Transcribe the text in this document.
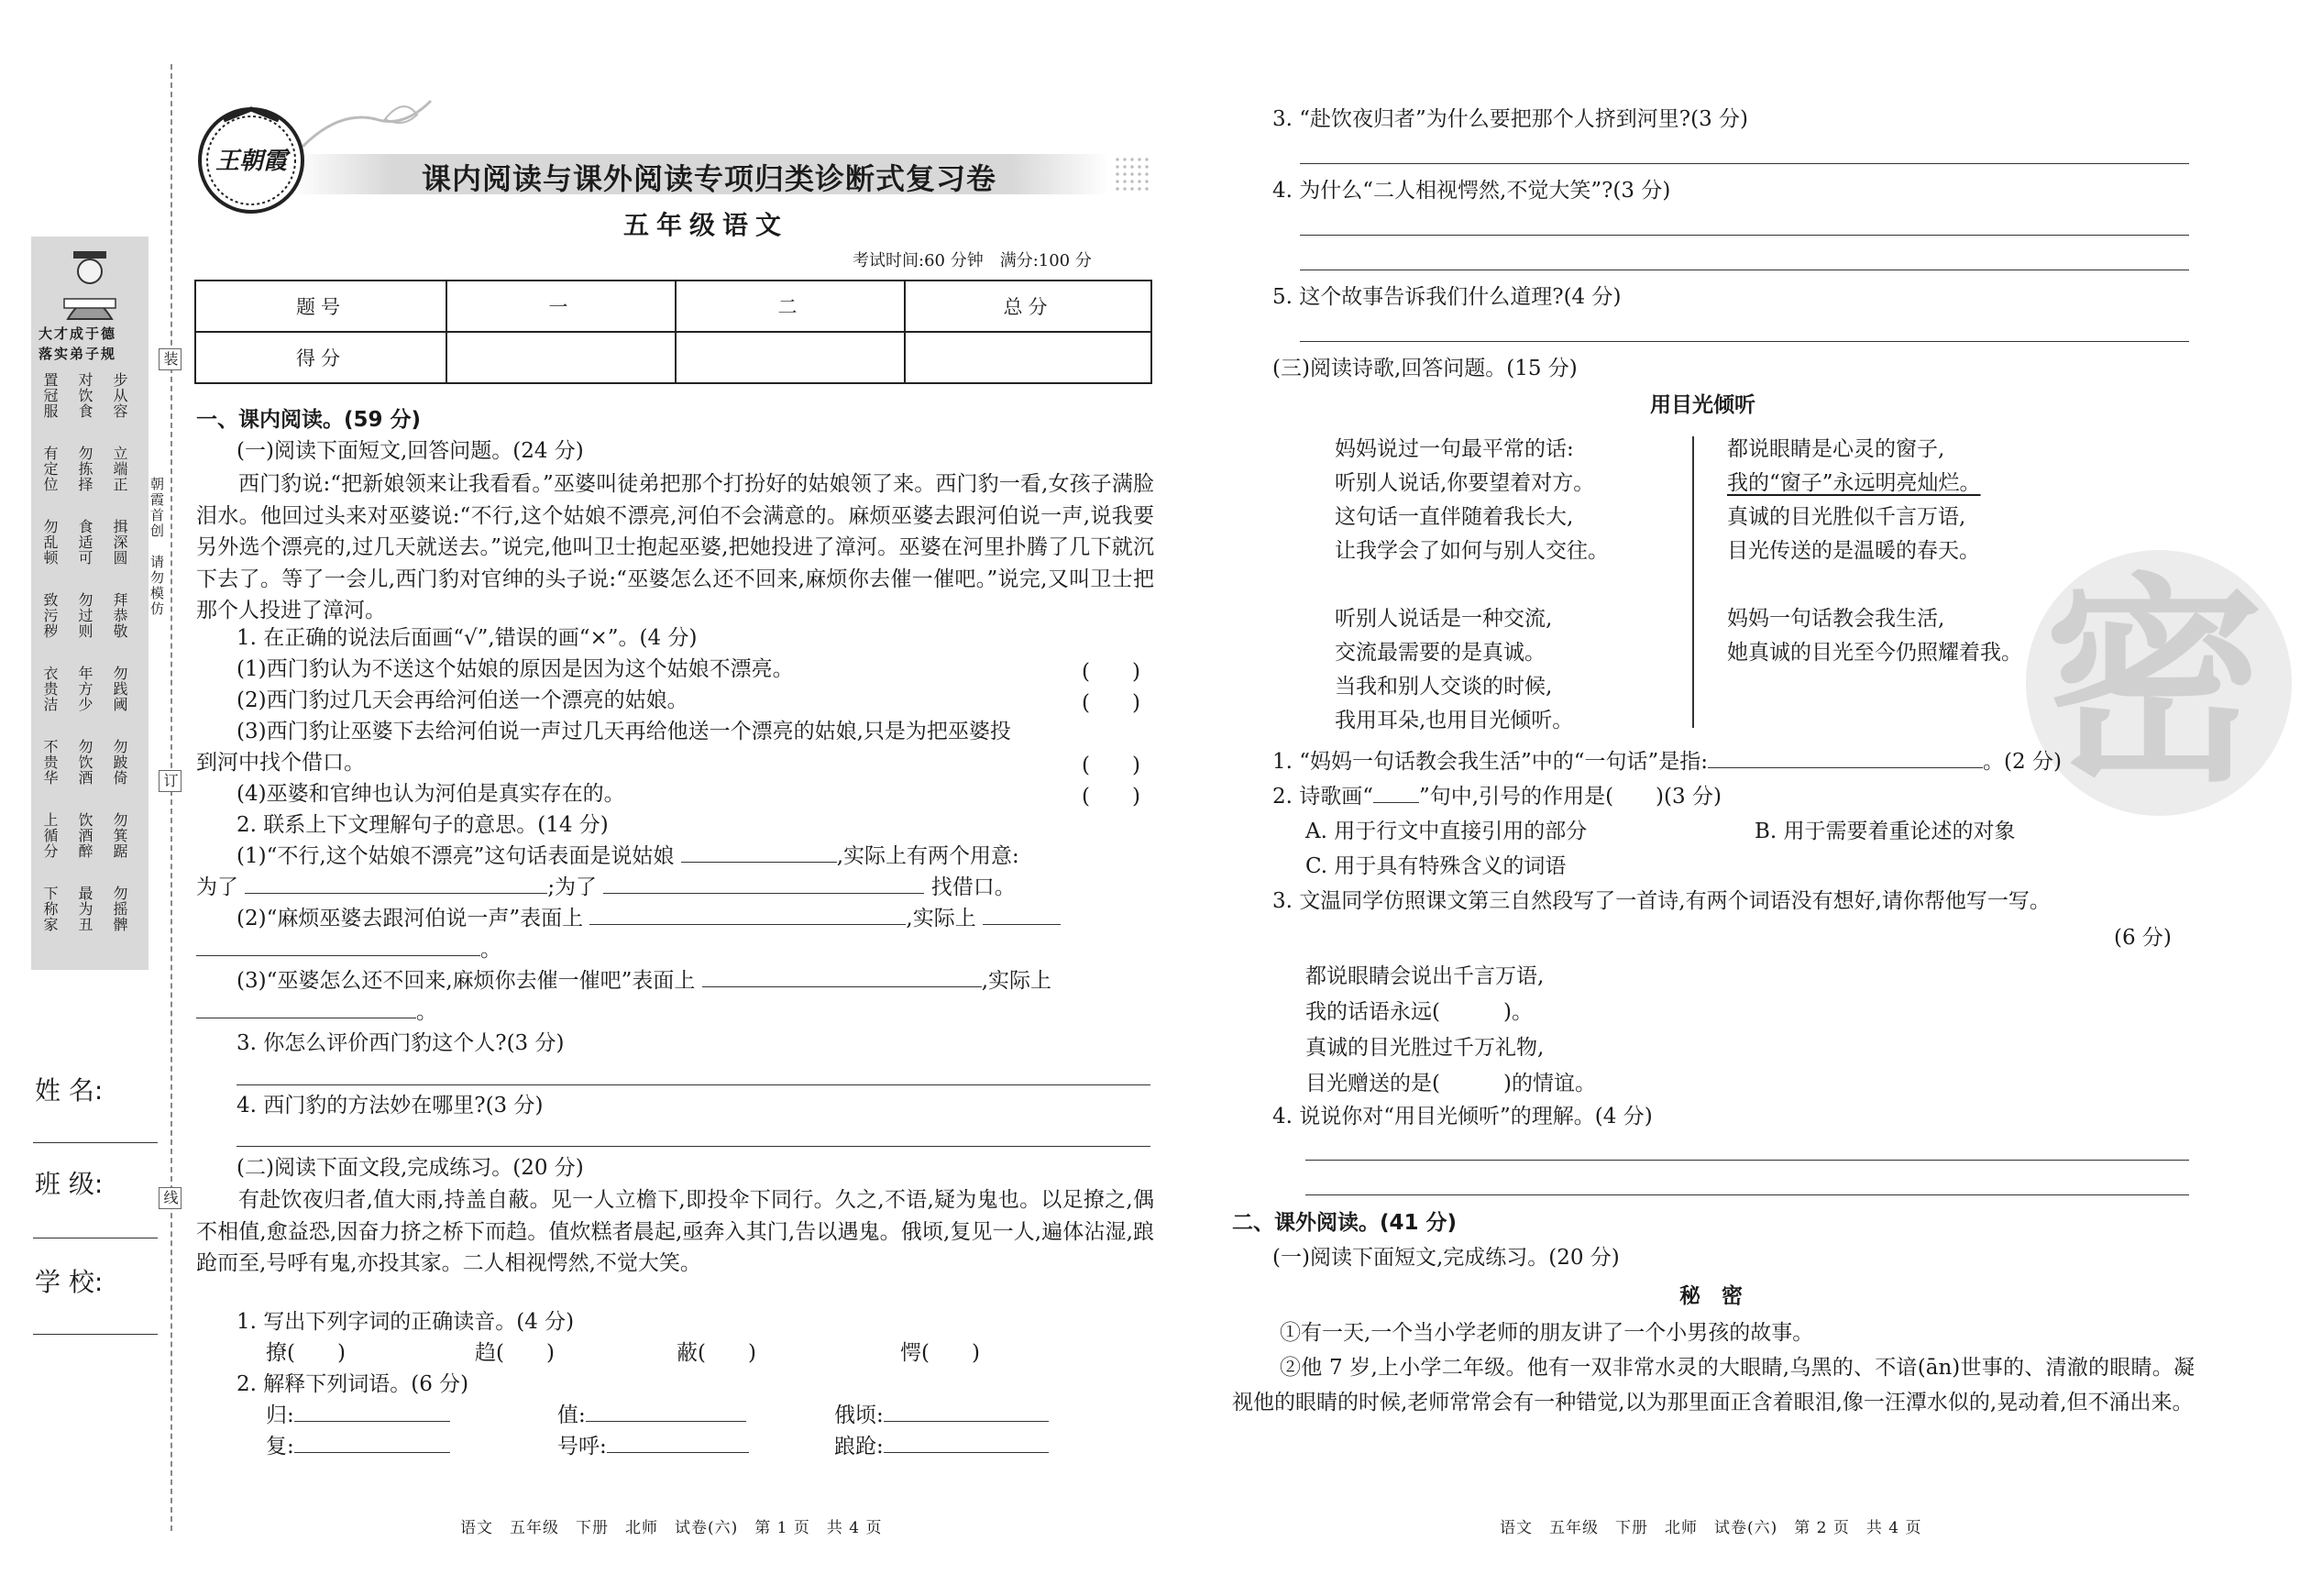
装
订
线
朝霞首创　请勿模仿
大才成于德
落实弟子规
步从容
对饮食
置冠服
立端正
勿拣择
有定位
揖深圆
食适可
勿乱顿
拜恭敬
勿过则
致污秽
勿践阈
年方少
衣贵洁
勿跛倚
勿饮酒
不贵华
勿箕踞
饮酒醉
上循分
勿摇髀
最为丑
下称家
姓 名:
班 级:
学 校:
王朝霞	课内阅读与课外阅读专项归类诊断式复习卷
五年级语文
考试时间:60 分钟　满分:100 分
题号	一	二	总分
得分			
一、课内阅读。(59 分)
(一)阅读下面短文,回答问题。(24 分)
西门豹说:“把新娘领来让我看看。”巫婆叫徒弟把那个打扮好的姑娘领了来。西门豹一看,女孩子满脸泪水。他回过头来对巫婆说:“不行,这个姑娘不漂亮,河伯不会满意的。麻烦巫婆去跟河伯说一声,说我要另外选个漂亮的,过几天就送去。”说完,他叫卫士抱起巫婆,把她投进了漳河。巫婆在河里扑腾了几下就沉下去了。等了一会儿,西门豹对官绅的头子说:“巫婆怎么还不回来,麻烦你去催一催吧。”说完,又叫卫士把那个人投进了漳河。
1. 在正确的说法后面画“√”,错误的画“×”。(4 分)
(1)西门豹认为不送这个姑娘的原因是因为这个姑娘不漂亮。	(　　)
(2)西门豹过几天会再给河伯送一个漂亮的姑娘。	(　　)
(3)西门豹让巫婆下去给河伯说一声过几天再给他送一个漂亮的姑娘,只是为把巫婆投
到河中找个借口。	(　　)
(4)巫婆和官绅也认为河伯是真实存在的。	(　　)
2. 联系上下文理解句子的意思。(14 分)
(1)“不行,这个姑娘不漂亮”这句话表面是说姑娘	,实际上有两个用意:
为了	;为了	找借口。
(2)“麻烦巫婆去跟河伯说一声”表面上	,实际上
。
(3)“巫婆怎么还不回来,麻烦你去催一催吧”表面上	,实际上
。
3. 你怎么评价西门豹这个人?(3 分)
4. 西门豹的方法妙在哪里?(3 分)
(二)阅读下面文段,完成练习。(20 分)
有赴饮夜归者,值大雨,持盖自蔽。见一人立檐下,即投伞下同行。久之,不语,疑为鬼也。以足撩之,偶不相值,愈益恐,因奋力挤之桥下而趋。值炊糕者晨起,亟奔入其门,告以遇鬼。俄顷,复见一人,遍体沾湿,踉跄而至,号呼有鬼,亦投其家。二人相视愕然,不觉大笑。
1. 写出下列字词的正确读音。(4 分)
撩(　　)	趋(　　)	蔽(　　)	愕(　　)
2. 解释下列词语。(6 分)
归:	值:	俄顷:
复:	号呼:	踉跄:
语文　五年级　下册　北师　试卷(六)　第 1 页　共 4 页
密
3. “赴饮夜归者”为什么要把那个人挤到河里?(3 分)
4. 为什么“二人相视愕然,不觉大笑”?(3 分)
5. 这个故事告诉我们什么道理?(4 分)
(三)阅读诗歌,回答问题。(15 分)
用目光倾听
妈妈说过一句最平常的话:
听别人说话,你要望着对方。
这句话一直伴随着我长大,
让我学会了如何与别人交往。

听别人说话是一种交流,
交流最需要的是真诚。
当我和别人交谈的时候,
我用耳朵,也用目光倾听。
都说眼睛是心灵的窗子,
我的“窗子”永远明亮灿烂。
真诚的目光胜似千言万语,
目光传送的是温暖的春天。

妈妈一句话教会我生活,
她真诚的目光至今仍照耀着我。
1. “妈妈一句话教会我生活”中的“一句话”是指:	。(2 分)
2. 诗歌画“ ”句中,引号的作用是(　　)(3 分)
A. 用于行文中直接引用的部分	B. 用于需要着重论述的对象
C. 用于具有特殊含义的词语
3. 文温同学仿照课文第三自然段写了一首诗,有两个词语没有想好,请你帮他写一写。
(6 分)
都说眼睛会说出千言万语,
我的话语永远(　　　)。
真诚的目光胜过千万礼物,
目光赠送的是(　　　)的情谊。
4. 说说你对“用目光倾听”的理解。(4 分)
二、课外阅读。(41 分)
(一)阅读下面短文,完成练习。(20 分)
秘　密
①有一天,一个当小学老师的朋友讲了一个小男孩的故事。
②他 7 岁,上小学二年级。他有一双非常水灵的大眼睛,乌黑的、不谙(ān)世事的、清澈的眼睛。凝视他的眼睛的时候,老师常常会有一种错觉,以为那里面正含着眼泪,像一汪潭水似的,晃动着,但不涌出来。
语文　五年级　下册　北师　试卷(六)　第 2 页　共 4 页
